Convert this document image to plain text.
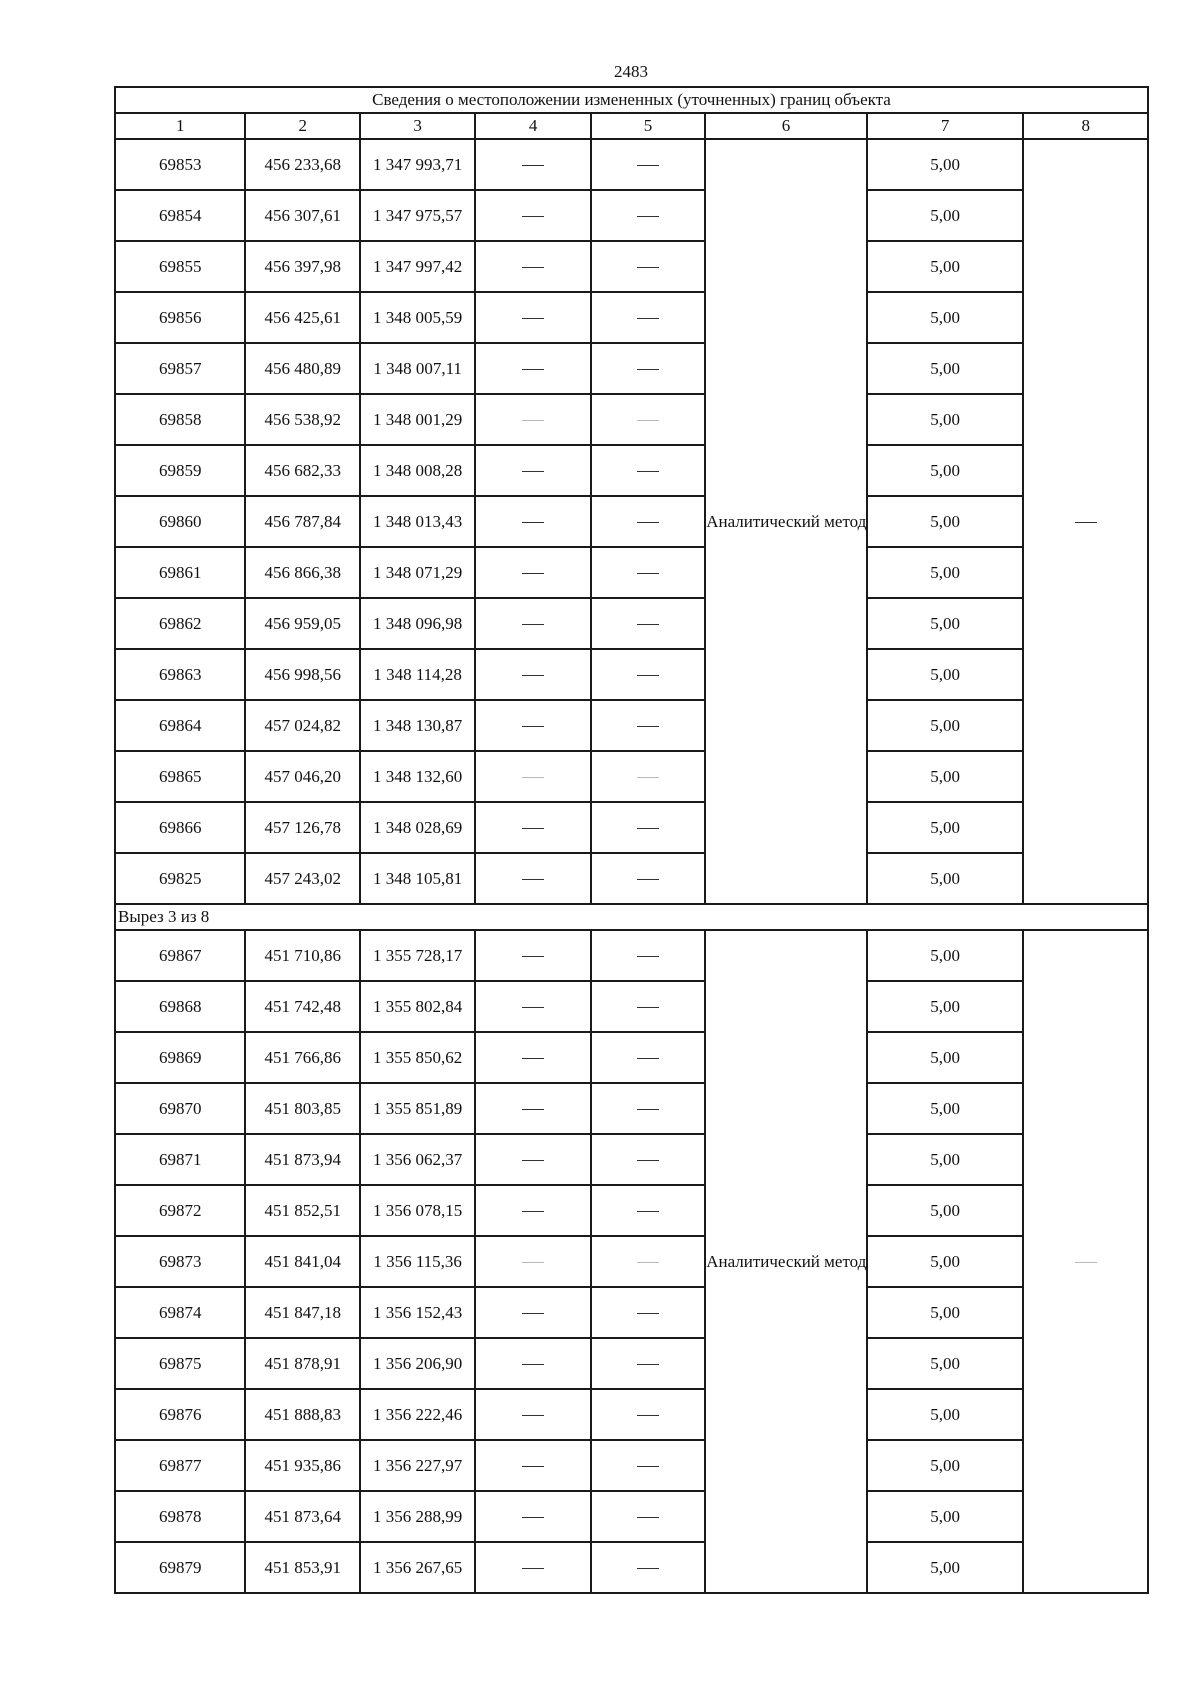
2483
Сведения о местоположении измененных (уточненных) границ объекта							
1	2	3	4	5	6	7	8
69853	456 233,68	1 347 993,71			Аналитический метод	5,00	
69854	456 307,61	1 347 975,57				5,00	
69855	456 397,98	1 347 997,42				5,00	
69856	456 425,61	1 348 005,59				5,00	
69857	456 480,89	1 348 007,11				5,00	
69858	456 538,92	1 348 001,29				5,00	
69859	456 682,33	1 348 008,28				5,00	
69860	456 787,84	1 348 013,43				5,00	
69861	456 866,38	1 348 071,29				5,00	
69862	456 959,05	1 348 096,98				5,00	
69863	456 998,56	1 348 114,28				5,00	
69864	457 024,82	1 348 130,87				5,00	
69865	457 046,20	1 348 132,60				5,00	
69866	457 126,78	1 348 028,69				5,00	
69825	457 243,02	1 348 105,81				5,00	
Вырез 3 из 8							
69867	451 710,86	1 355 728,17			Аналитический метод	5,00	
69868	451 742,48	1 355 802,84				5,00	
69869	451 766,86	1 355 850,62				5,00	
69870	451 803,85	1 355 851,89				5,00	
69871	451 873,94	1 356 062,37				5,00	
69872	451 852,51	1 356 078,15				5,00	
69873	451 841,04	1 356 115,36				5,00	
69874	451 847,18	1 356 152,43				5,00	
69875	451 878,91	1 356 206,90				5,00	
69876	451 888,83	1 356 222,46				5,00	
69877	451 935,86	1 356 227,97				5,00	
69878	451 873,64	1 356 288,99				5,00	
69879	451 853,91	1 356 267,65				5,00	
